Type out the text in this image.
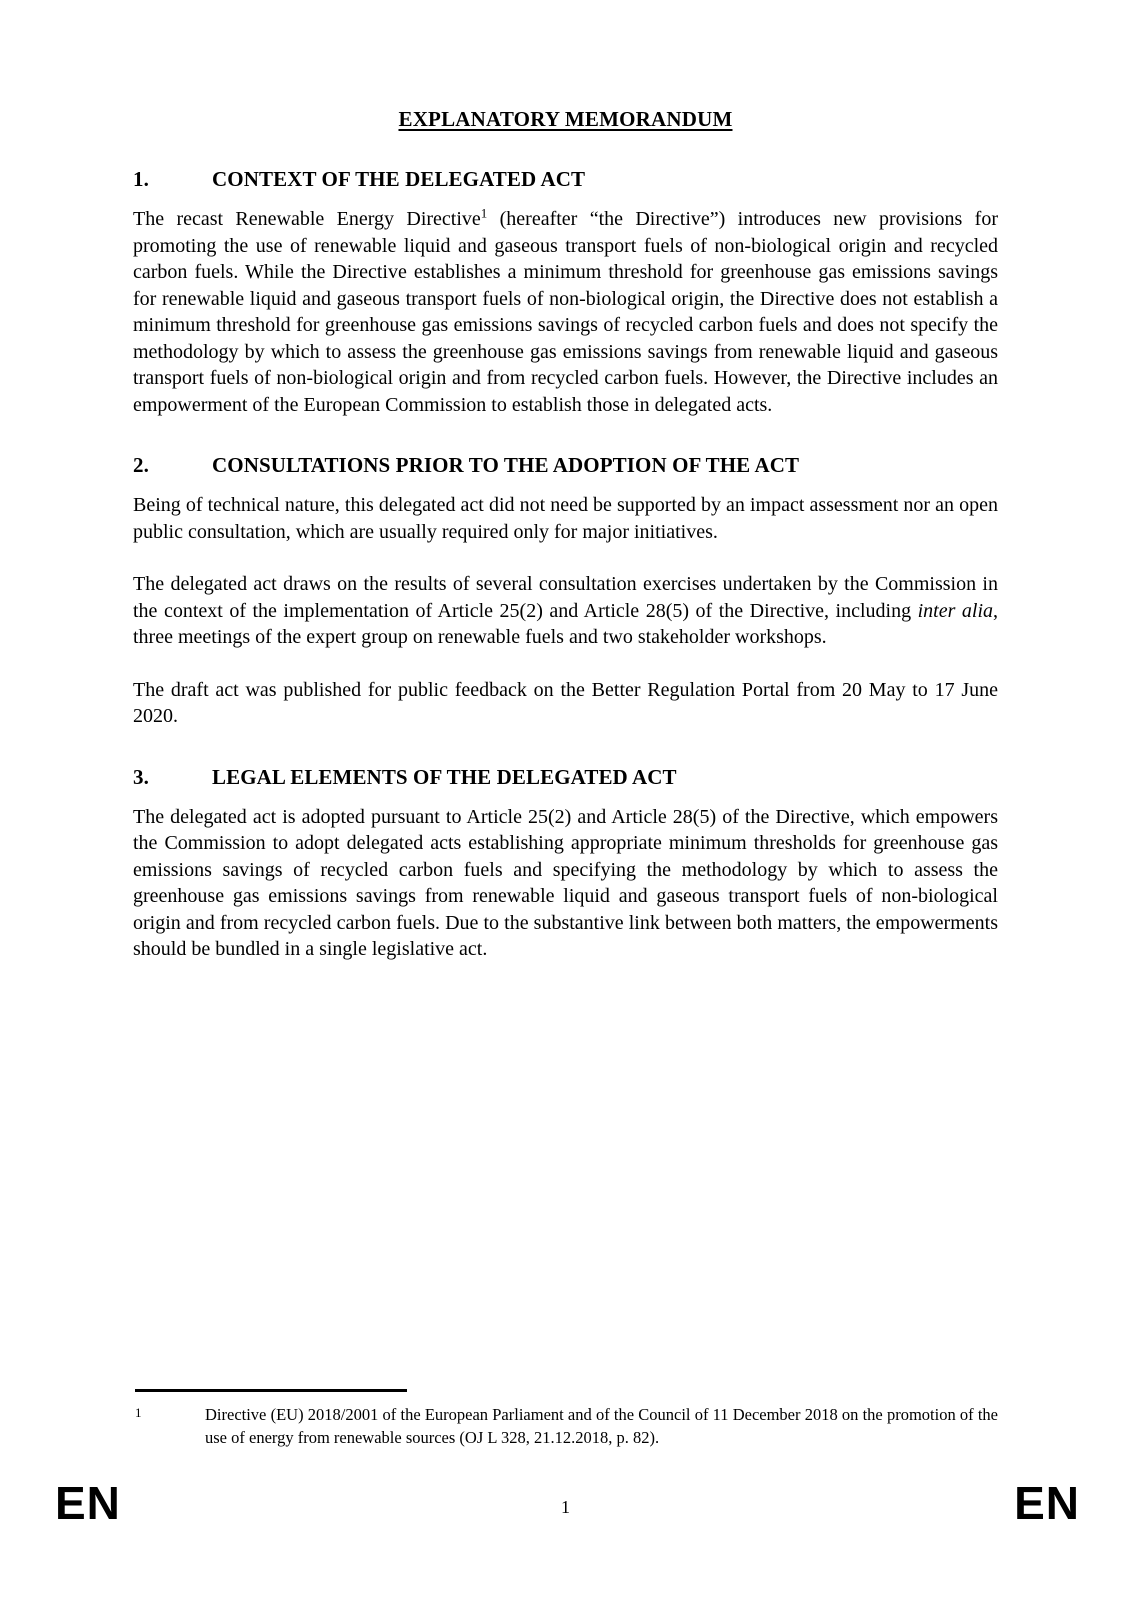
EXPLANATORY MEMORANDUM
1.	CONTEXT OF THE DELEGATED ACT

The recast Renewable Energy Directive$^1$ (hereafter “the Directive”) introduces new provisions for promoting the use of renewable liquid and gaseous transport fuels of non-biological origin and recycled carbon fuels. While the Directive establishes a minimum threshold for greenhouse gas emissions savings for renewable liquid and gaseous transport fuels of non-biological origin, the Directive does not establish a minimum threshold for greenhouse gas emissions savings of recycled carbon fuels and does not specify the methodology by which to assess the greenhouse gas emissions savings from renewable liquid and gaseous transport fuels of non-biological origin and from recycled carbon fuels. However, the Directive includes an empowerment of the European Commission to establish those in delegated acts.

2.	CONSULTATIONS PRIOR TO THE ADOPTION OF THE ACT

Being of technical nature, this delegated act did not need be supported by an impact assessment nor an open public consultation, which are usually required only for major initiatives.

The delegated act draws on the results of several consultation exercises undertaken by the Commission in the context of the implementation of Article 25(2) and Article 28(5) of the Directive, including inter alia, three meetings of the expert group on renewable fuels and two stakeholder workshops.

The draft act was published for public feedback on the Better Regulation Portal from 20 May to 17 June 2020.

3.	LEGAL ELEMENTS OF THE DELEGATED ACT

The delegated act is adopted pursuant to Article 25(2) and Article 28(5) of the Directive, which empowers the Commission to adopt delegated acts establishing appropriate minimum thresholds for greenhouse gas emissions savings of recycled carbon fuels and specifying the methodology by which to assess the greenhouse gas emissions savings from renewable liquid and gaseous transport fuels of non-biological origin and from recycled carbon fuels. Due to the substantive link between both matters, the empowerments should be bundled in a single legislative act.

1	Directive (EU) 2018/2001 of the European Parliament and of the Council of 11 December 2018 on the promotion of the use of energy from renewable sources (OJ L 328, 21.12.2018, p. 82).
EN	1	EN
